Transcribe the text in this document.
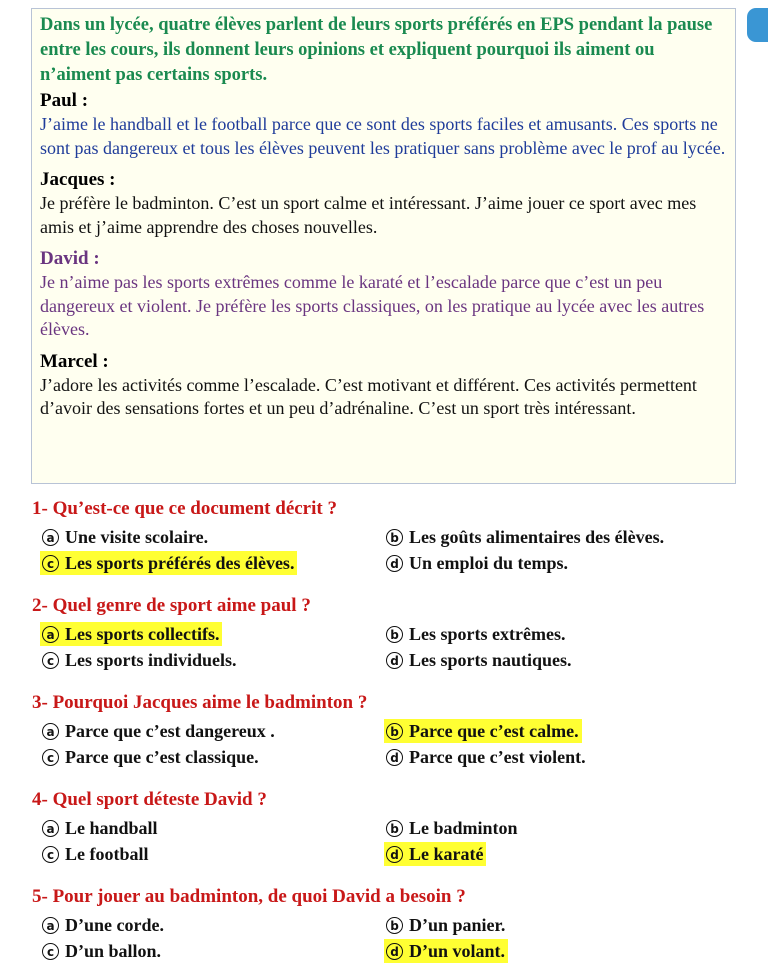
Dans un lycée, quatre élèves parlent de leurs sports préférés en EPS pendant la pause entre les cours, ils donnent leurs opinions et expliquent pourquoi ils aiment ou n’aiment pas certains sports.
Paul :
J’aime le handball et le football parce que ce sont des sports faciles et amusants. Ces sports ne sont pas dangereux et tous les élèves peuvent les pratiquer sans problème avec le prof au lycée.
Jacques :
Je préfère le badminton. C’est un sport calme et intéressant. J’aime jouer ce sport avec mes amis et j’aime apprendre des choses nouvelles.
David :
Je n’aime pas les sports extrêmes comme le karaté et l’escalade parce que c’est un peu dangereux et violent. Je préfère les sports classiques, on les pratique au lycée avec les autres élèves.
Marcel :
J’adore les activités comme l’escalade. C’est motivant et différent. Ces activités permettent d’avoir des sensations fortes et un peu d’adrénaline. C’est un sport très intéressant.
1- Qu’est-ce que ce document décrit ?
a Une visite scolaire.	b Les goûts alimentaires des élèves.
c Les sports préférés des élèves.	d Un emploi du temps.
2- Quel genre de sport aime paul ?
a Les sports collectifs.	b Les sports extrêmes.
c Les sports individuels.	d Les sports nautiques.
3- Pourquoi Jacques aime le badminton ?
a Parce que c’est dangereux .	b Parce que c’est calme.
c Parce que c’est classique.	d Parce que c’est violent.
4- Quel sport déteste David ?
a Le handball	b Le badminton
c Le football	d Le karaté
5- Pour jouer au badminton, de quoi David a besoin ?
a D’une corde.	b D’un panier.
c D’un ballon.	d D’un volant.
